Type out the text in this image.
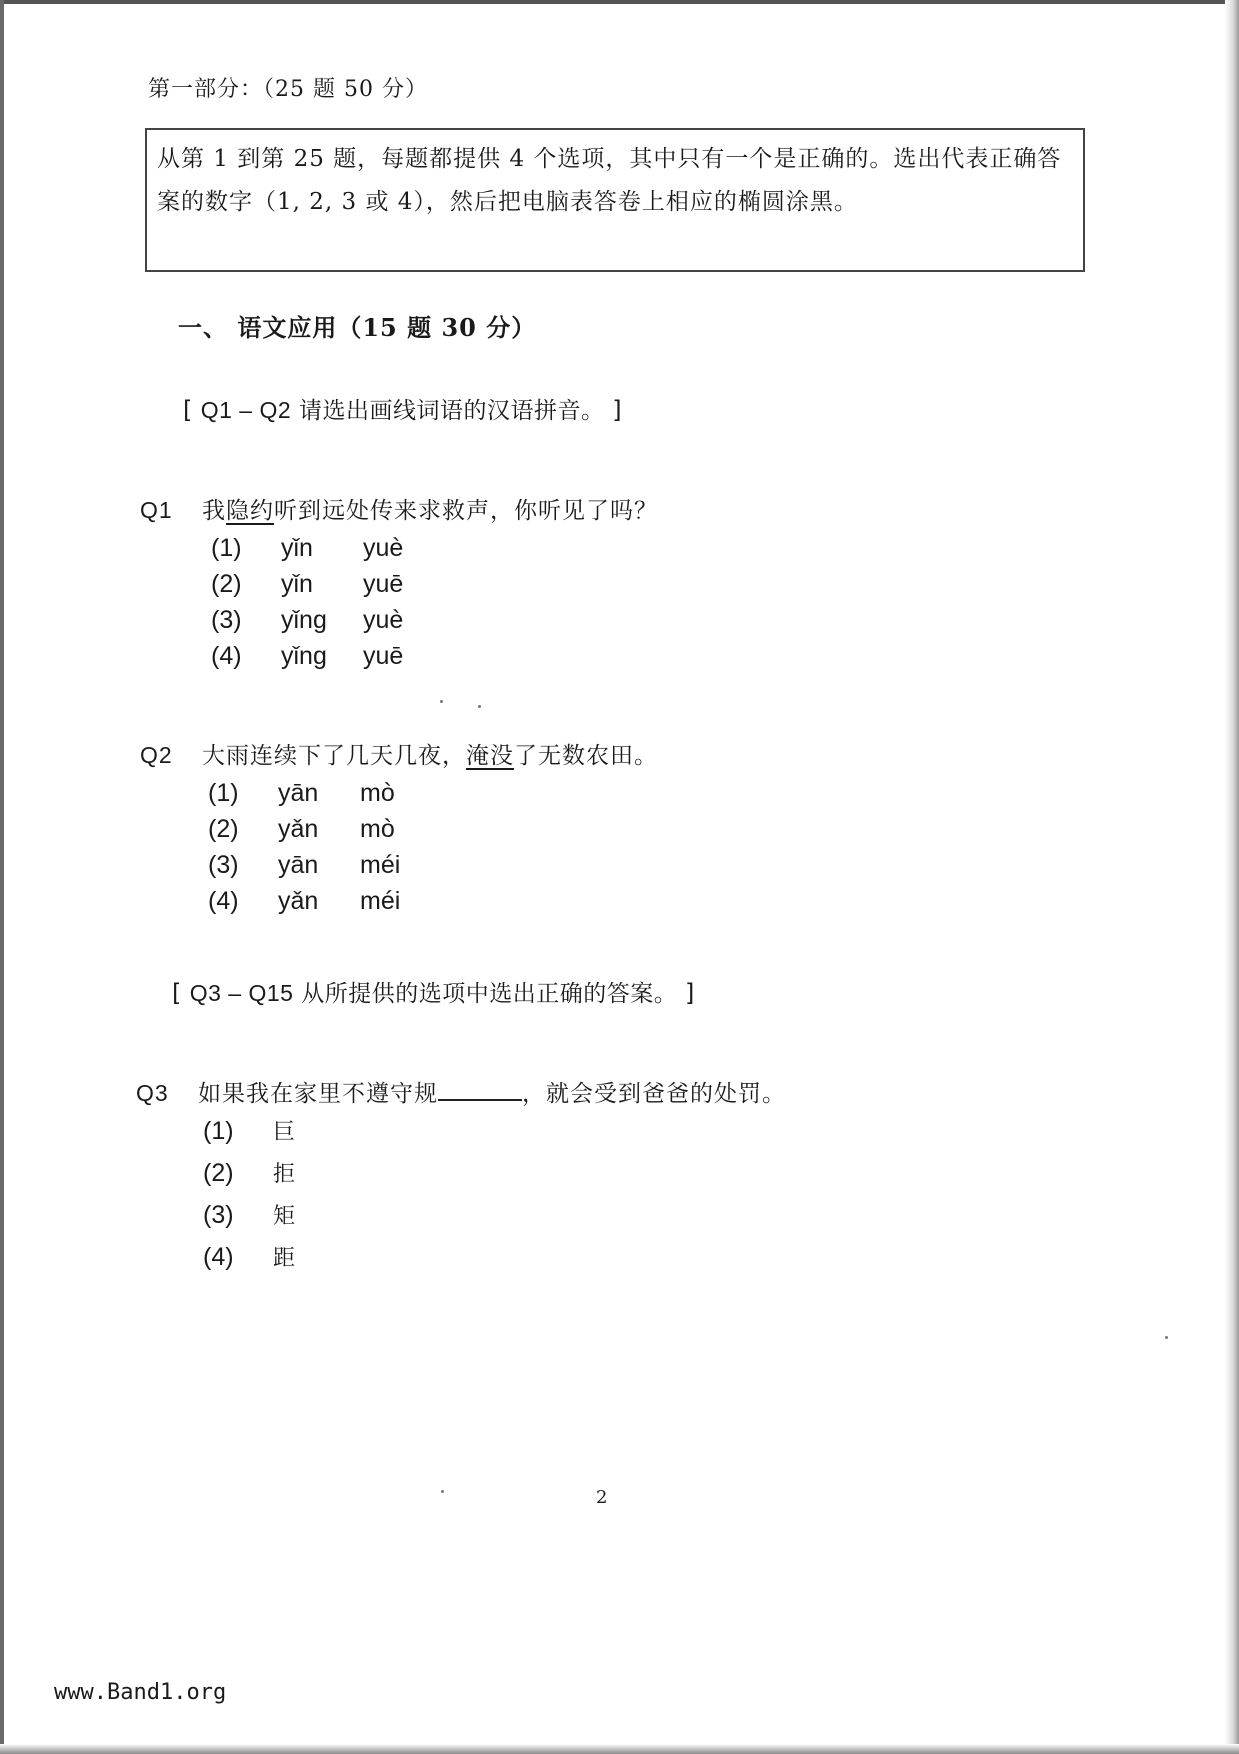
第一部分：（25 题 50 分）
从第 1 到第 25 题，每题都提供 4 个选项，其中只有一个是正确的。选出代表正确答案的数字（1, 2, 3 或 4），然后把电脑表答卷上相应的椭圆涂黑。
一、 语文应用（15 题 30 分）
[ Q1 – Q2 请选出画线词语的汉语拼音。 ]
Q1 我隐约听到远处传来求救声，你听见了吗？
(1) yǐn yuè
(2) yǐn yuē
(3) yǐng yuè
(4) yǐng yuē
Q2 大雨连续下了几天几夜，淹没了无数农田。
(1) yān mò
(2) yǎn mò
(3) yān méi
(4) yǎn méi
[ Q3 – Q15 从所提供的选项中选出正确的答案。 ]
Q3 如果我在家里不遵守规	，就会受到爸爸的处罚。
(1) 巨
(2) 拒
(3) 矩
(4) 距
2
www.Band1.org
